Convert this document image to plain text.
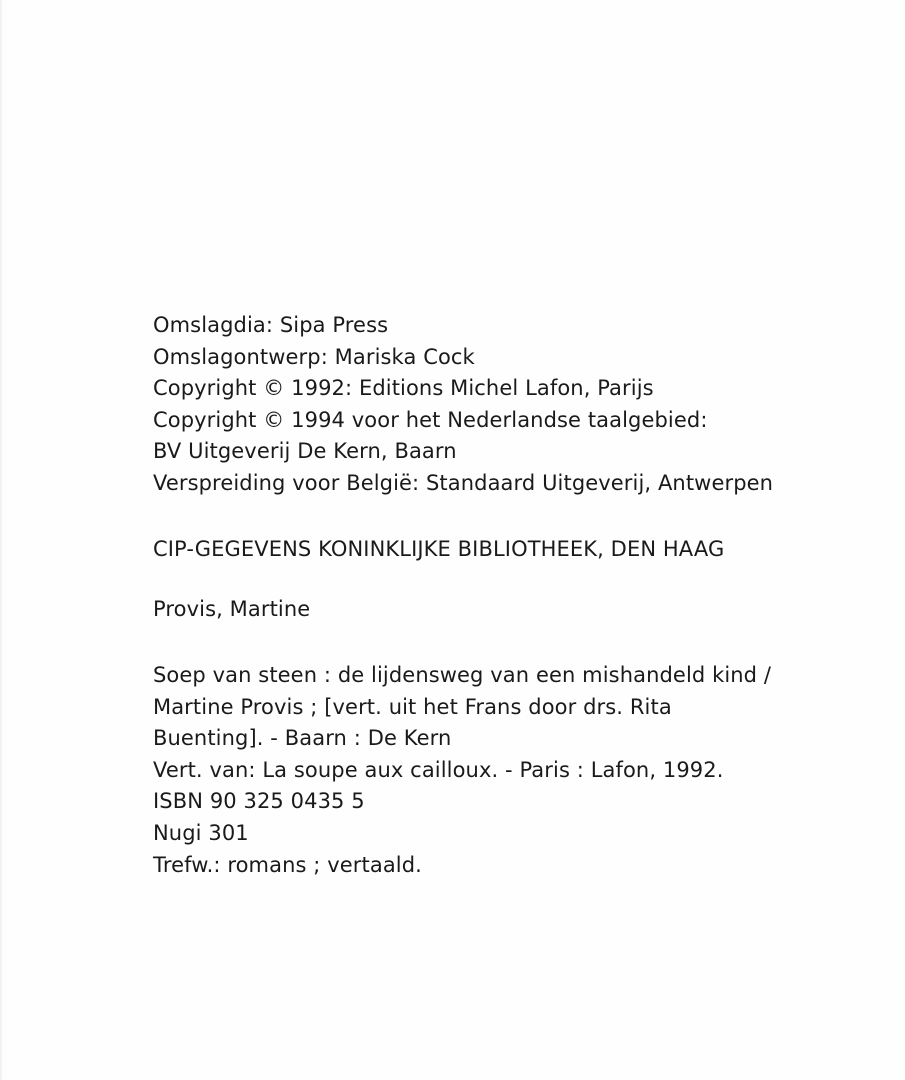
Omslagdia: Sipa Press
Omslagontwerp: Mariska Cock
Copyright © 1992: Editions Michel Lafon, Parijs
Copyright © 1994 voor het Nederlandse taalgebied:
BV Uitgeverij De Kern, Baarn
Verspreiding voor België: Standaard Uitgeverij, Antwerpen
CIP-GEGEVENS KONINKLIJKE BIBLIOTHEEK, DEN HAAG
Provis, Martine
Soep van steen : de lijdensweg van een mishandeld kind /
Martine Provis ; [vert. uit het Frans door drs. Rita
Buenting]. - Baarn : De Kern
Vert. van: La soupe aux cailloux. - Paris : Lafon, 1992.
ISBN 90 325 0435 5
Nugi 301
Trefw.: romans ; vertaald.
